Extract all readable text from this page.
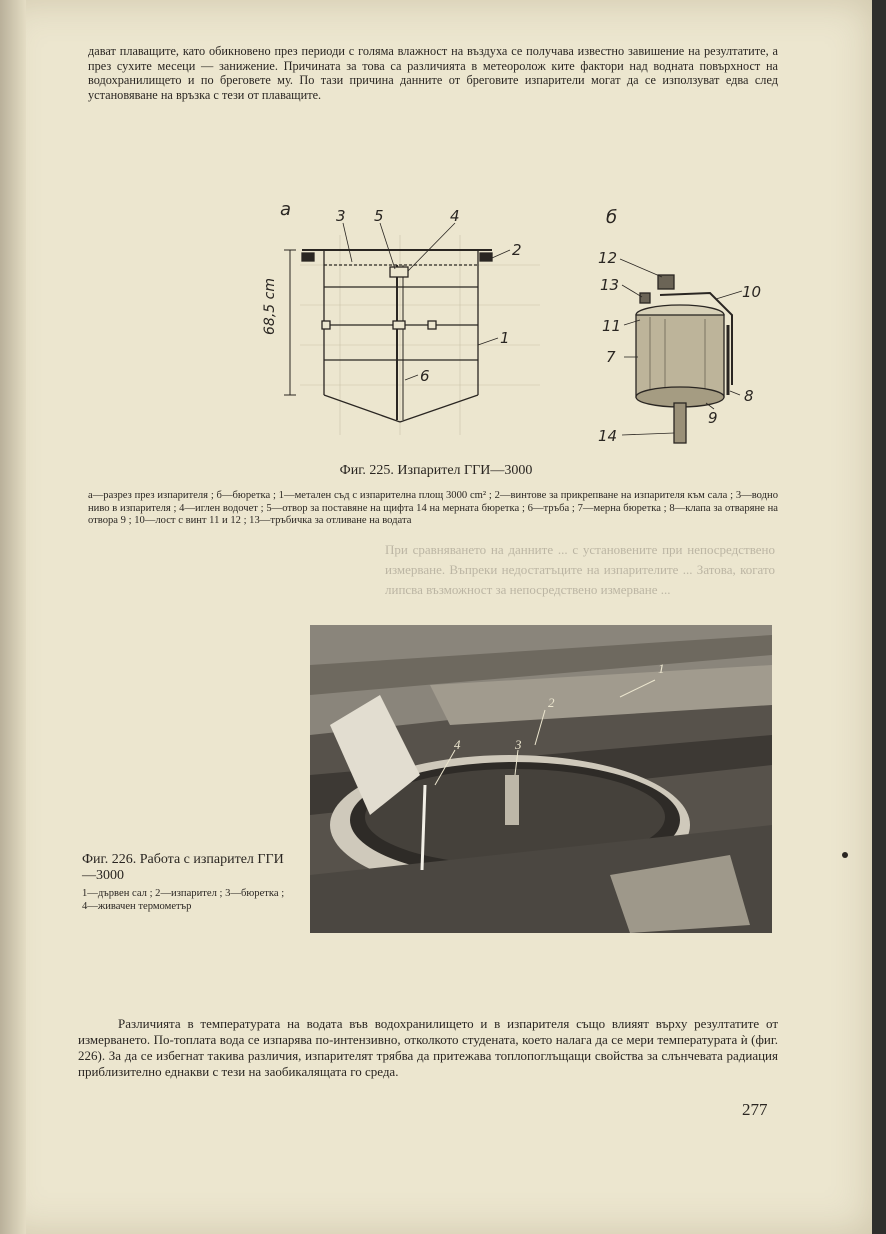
дават плаващите, като обикновено през периоди с голяма влажност на въздуха се получава известно завишение на резултатите, а през сухите месеци — занижение. Причината за това са различията в метеоролож ките фактори над водната повърхност на водохранилището и по бреговете му. По тази причина данните от бреговите изпарители могат да се използуват едва след установяване на връзка с тези от плаващите.

а
68,5 cm
3 5	4
2
1
6
б
12
13	10
11
7
8
9
14
Фиг. 225. Изпарител ГГИ—3000

а—разрез през изпарителя ; б—бюретка ; 1—метален съд с изпарителна площ 3000 cm² ; 2—винтове за прикрепване на изпарителя към сала ; 3—водно ниво в изпарителя ; 4—иглен водочет ; 5—отвор за поставяне на щифта 14 на мерната бюретка ; 6—тръба ; 7—мерна бюретка ; 8—клапа за отваряне на отвора 9 ; 10—лост с винт 11 и 12 ; 13—тръбичка за отливане на водата

При сравняването на данните ... с установените при непосредствено измерване. Въпреки недостатъците на изпарителите ... Затова, когато липсва възможност за непосредствено измерване ...
1
2
3
4
Фиг. 226. Работа с изпарител ГГИ—3000
1—дървен сал ; 2—изпарител ; 3—бюретка ; 4—живачен термометър

Различията в температурата на водата във водохранилището и в изпарителя също влияят върху резултатите от измерването. По-топлата вода се изпарява по-интензивно, отколкото студената, което налага да се мери температурата ѝ (фиг. 226). За да се избегнат такива различия, изпарителят трябва да притежава топлопоглъщащи свойства за слънчевата радиация приблизително еднакви с тези на заобикалящата го среда.

277
